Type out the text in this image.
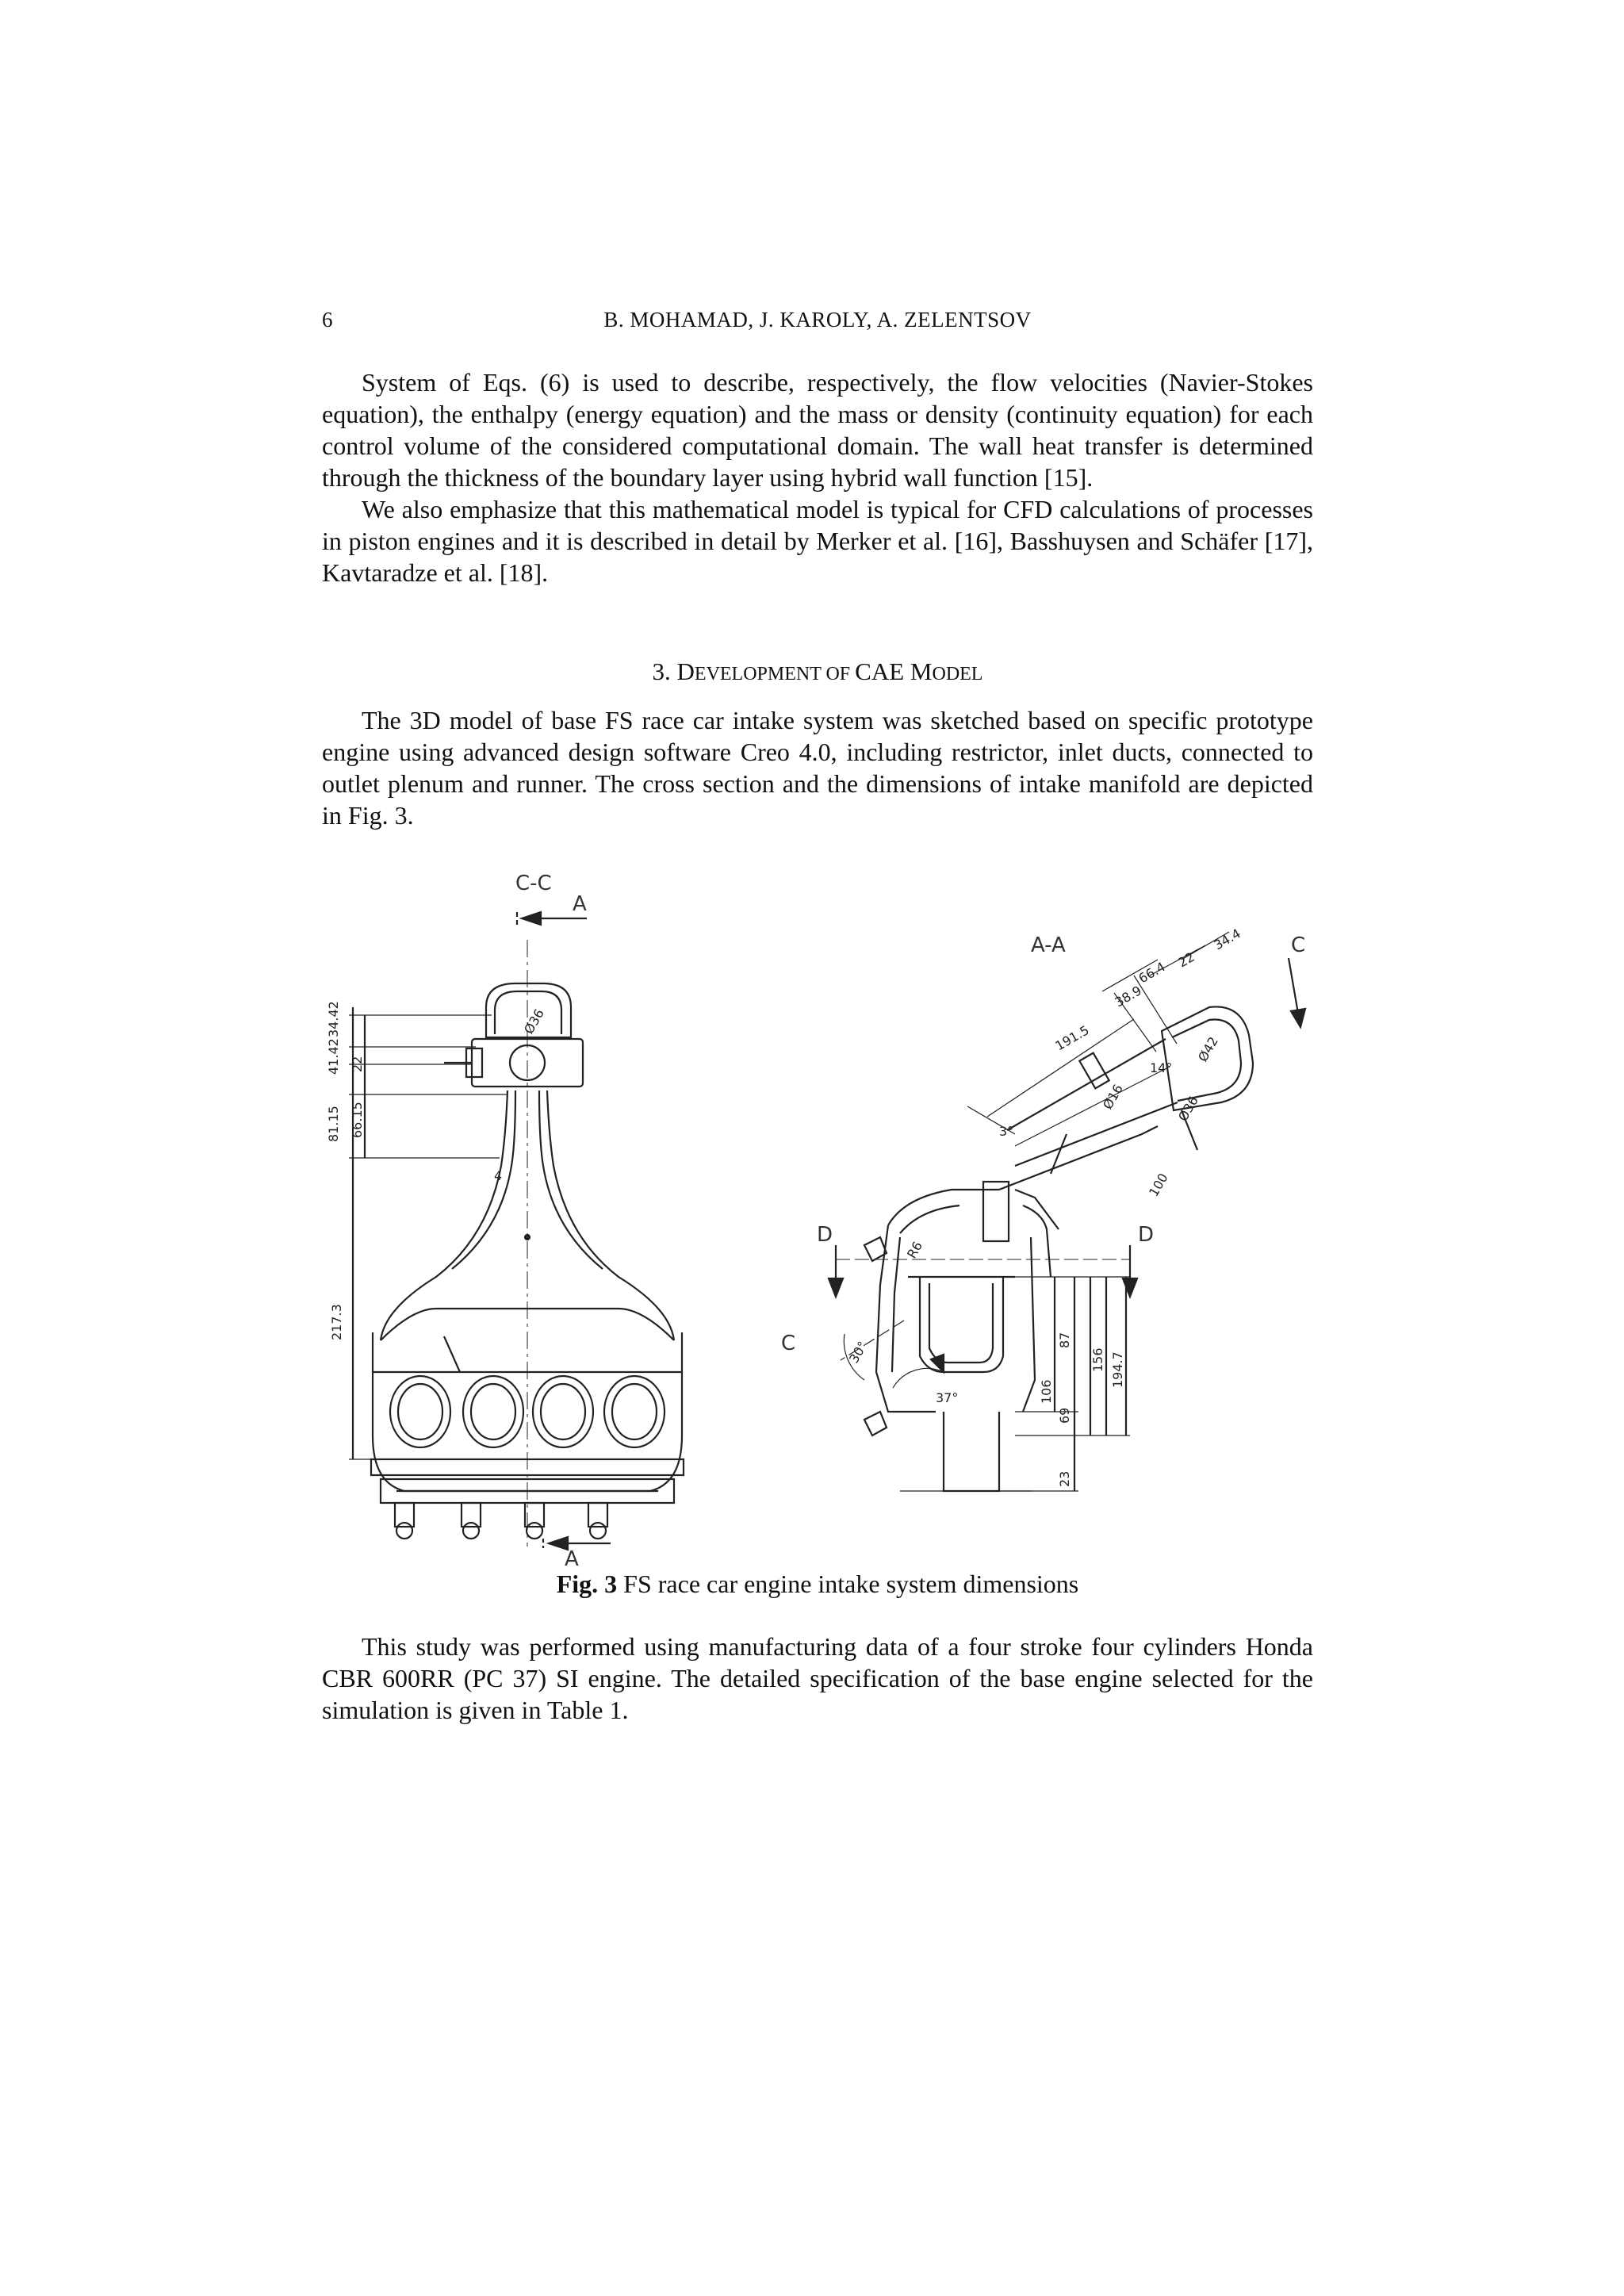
6	B. MOHAMAD, J. KAROLY, A. ZELENTSOV

System of Eqs. (6) is used to describe, respectively, the flow velocities (Navier-Stokes equation), the enthalpy (energy equation) and the mass or density (continuity equation) for each control volume of the considered computational domain. The wall heat transfer is determined through the thickness of the boundary layer using hybrid wall function [15].

We also emphasize that this mathematical model is typical for CFD calculations of processes in piston engines and it is described in detail by Merker et al. [16], Basshuysen and Schäfer [17], Kavtaradze et al. [18].

3. DEVELOPMENT OF CAE MODEL

The 3D model of base FS race car intake system was sketched based on specific prototype engine using advanced design software Creo 4.0, including restrictor, inlet ducts, connected to outlet plenum and runner. The cross section and the dimensions of intake manifold are depicted in Fig. 3.

C-C
A
A
34.42
41.42 22
81.15 66.15
217.3
4
Ø36
A-A	C
C
D	D
34.4
22
66.4
38.9
191.5
14°
3°
Ø42
Ø36
Ø16
R6
30°
37°
87
106
69
156 194.7
23
100

Fig. 3 FS race car engine intake system dimensions

This study was performed using manufacturing data of a four stroke four cylinders Honda CBR 600RR (PC 37) SI engine. The detailed specification of the base engine selected for the simulation is given in Table 1.
